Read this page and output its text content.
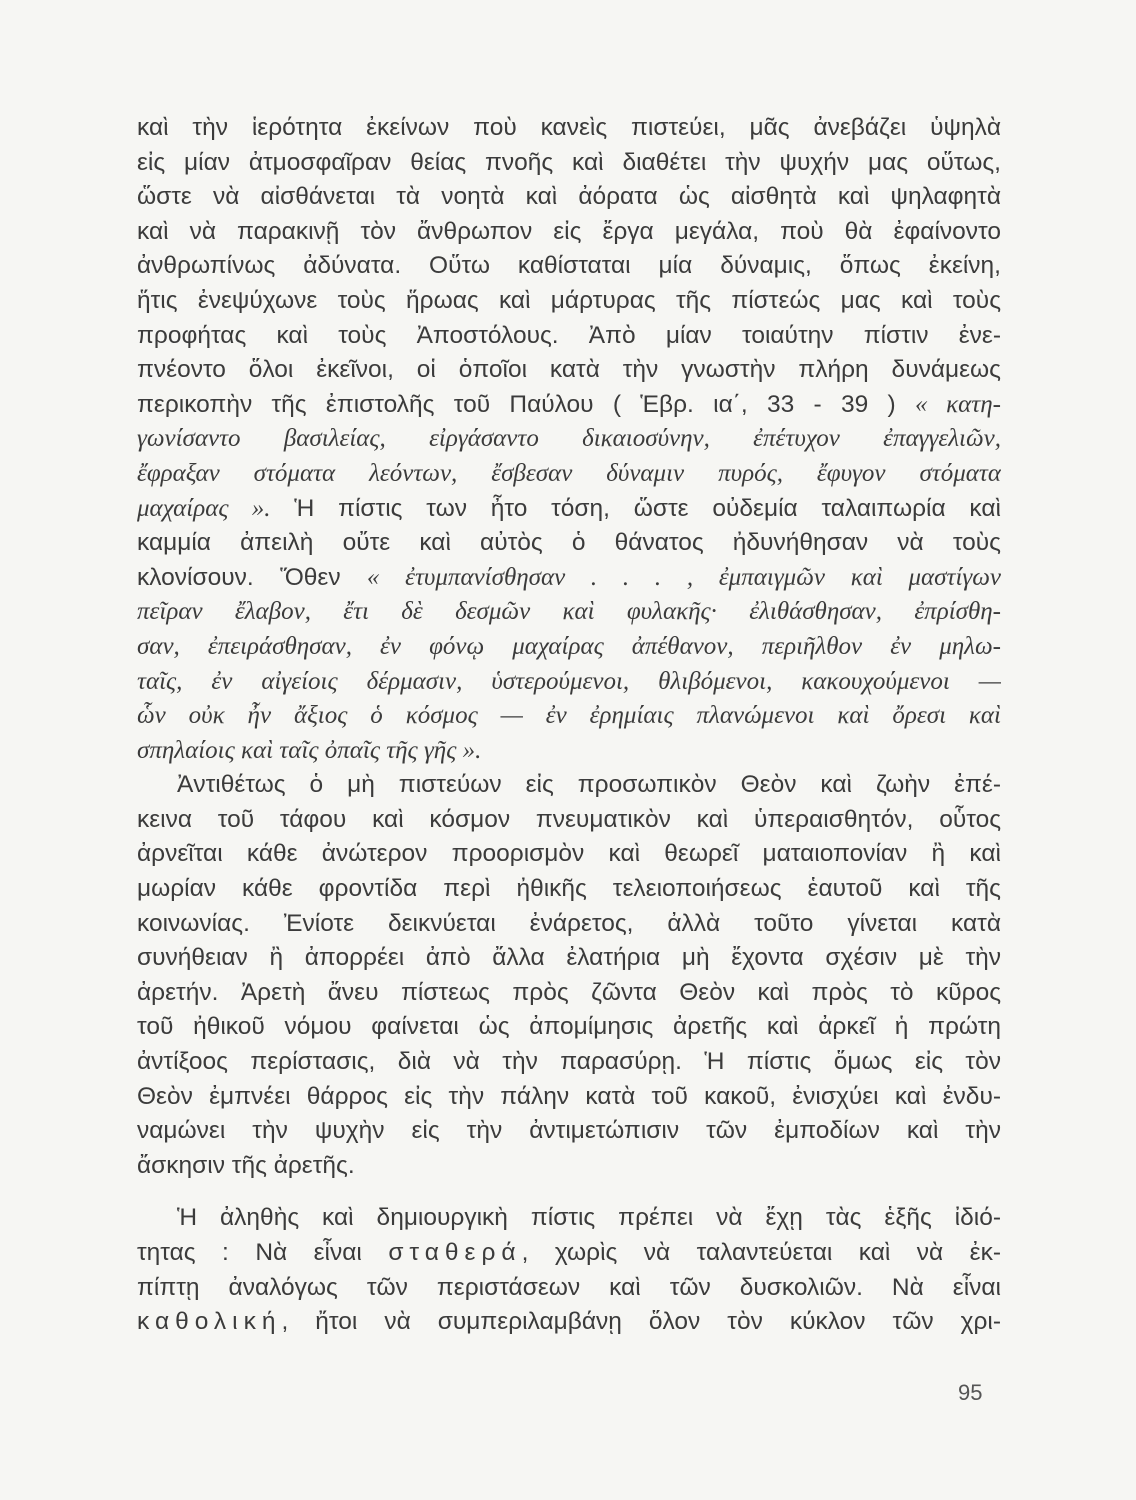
καὶ τὴν ἱερότητα ἐκείνων ποὺ κανεὶς πιστεύει, μᾶς ἀνεβάζει ὑψηλὰ
εἰς μίαν ἀτμοσφαῖραν θείας πνοῆς καὶ διαθέτει τὴν ψυχήν μας οὕτως,
ὥστε νὰ αἰσθάνεται τὰ νοητὰ καὶ ἀόρατα ὡς αἰσθητὰ καὶ ψηλαφητὰ
καὶ νὰ παρακινῇ τὸν ἄνθρωπον εἰς ἔργα μεγάλα, ποὺ θὰ ἐφαίνοντο
ἀνθρωπίνως ἀδύνατα. Οὕτω καθίσταται μία δύναμις, ὅπως ἐκείνη,
ἥτις ἐνεψύχωνε τοὺς ἥρωας καὶ μάρτυρας τῆς πίστεώς μας καὶ τοὺς
προφήτας καὶ τοὺς Ἀποστόλους. Ἀπὸ μίαν τοιαύτην πίστιν ἐνε-
πνέοντο ὅλοι ἐκεῖνοι, οἱ ὁποῖοι κατὰ τὴν γνωστὴν πλήρη δυνάμεως
περικοπὴν τῆς ἐπιστολῆς τοῦ Παύλου ( Ἑβρ. ια΄, 33 - 39 ) « κατη-
γωνίσαντο βασιλείας, εἰργάσαντο δικαιοσύνην, ἐπέτυχον ἐπαγγελιῶν,
ἔφραξαν στόματα λεόντων, ἔσβεσαν δύναμιν πυρός, ἔφυγον στόματα
μαχαίρας ». Ἡ πίστις των ἦτο τόση, ὥστε οὐδεμία ταλαιπωρία καὶ
καμμία ἀπειλὴ οὔτε καὶ αὐτὸς ὁ θάνατος ἠδυνήθησαν νὰ τοὺς
κλονίσουν. Ὅθεν « ἐτυμπανίσθησαν . . . , ἐμπαιγμῶν καὶ μαστίγων
πεῖραν ἔλαβον, ἔτι δὲ δεσμῶν καὶ φυλακῆς· ἐλιθάσθησαν, ἐπρίσθη-
σαν, ἐπειράσθησαν, ἐν φόνῳ μαχαίρας ἀπέθανον, περιῆλθον ἐν μηλω-
ταῖς, ἐν αἰγείοις δέρμασιν, ὑστερούμενοι, θλιβόμενοι, κακουχούμενοι —
ὧν οὐκ ἦν ἄξιος ὁ κόσμος — ἐν ἐρημίαις πλανώμενοι καὶ ὄρεσι καὶ
σπηλαίοις καὶ ταῖς ὀπαῖς τῆς γῆς ».
Ἀντιθέτως ὁ μὴ πιστεύων εἰς προσωπικὸν Θεὸν καὶ ζωὴν ἐπέ-
κεινα τοῦ τάφου καὶ κόσμον πνευματικὸν καὶ ὑπεραισθητόν, οὗτος
ἀρνεῖται κάθε ἀνώτερον προορισμὸν καὶ θεωρεῖ ματαιοπονίαν ἢ καὶ
μωρίαν κάθε φροντίδα περὶ ἠθικῆς τελειοποιήσεως ἑαυτοῦ καὶ τῆς
κοινωνίας. Ἐνίοτε δεικνύεται ἐνάρετος, ἀλλὰ τοῦτο γίνεται κατὰ
συνήθειαν ἢ ἀπορρέει ἀπὸ ἄλλα ἐλατήρια μὴ ἔχοντα σχέσιν μὲ τὴν
ἀρετήν. Ἀρετὴ ἄνευ πίστεως πρὸς ζῶντα Θεὸν καὶ πρὸς τὸ κῦρος
τοῦ ἠθικοῦ νόμου φαίνεται ὡς ἀπομίμησις ἀρετῆς καὶ ἀρκεῖ ἡ πρώτη
ἀντίξοος περίστασις, διὰ νὰ τὴν παρασύρῃ. Ἡ πίστις ὅμως εἰς τὸν
Θεὸν ἐμπνέει θάρρος εἰς τὴν πάλην κατὰ τοῦ κακοῦ, ἐνισχύει καὶ ἐνδυ-
ναμώνει τὴν ψυχὴν εἰς τὴν ἀντιμετώπισιν τῶν ἐμποδίων καὶ τὴν
ἄσκησιν τῆς ἀρετῆς.
Ἡ ἀληθὴς καὶ δημιουργικὴ πίστις πρέπει νὰ ἔχῃ τὰς ἑξῆς ἰδιό-
τητας : Νὰ εἶναι σταθερά, χωρὶς νὰ ταλαντεύεται καὶ νὰ ἐκ-
πίπτῃ ἀναλόγως τῶν περιστάσεων καὶ τῶν δυσκολιῶν. Νὰ εἶναι
καθολική, ἤτοι νὰ συμπεριλαμβάνῃ ὅλον τὸν κύκλον τῶν χρι-
95
